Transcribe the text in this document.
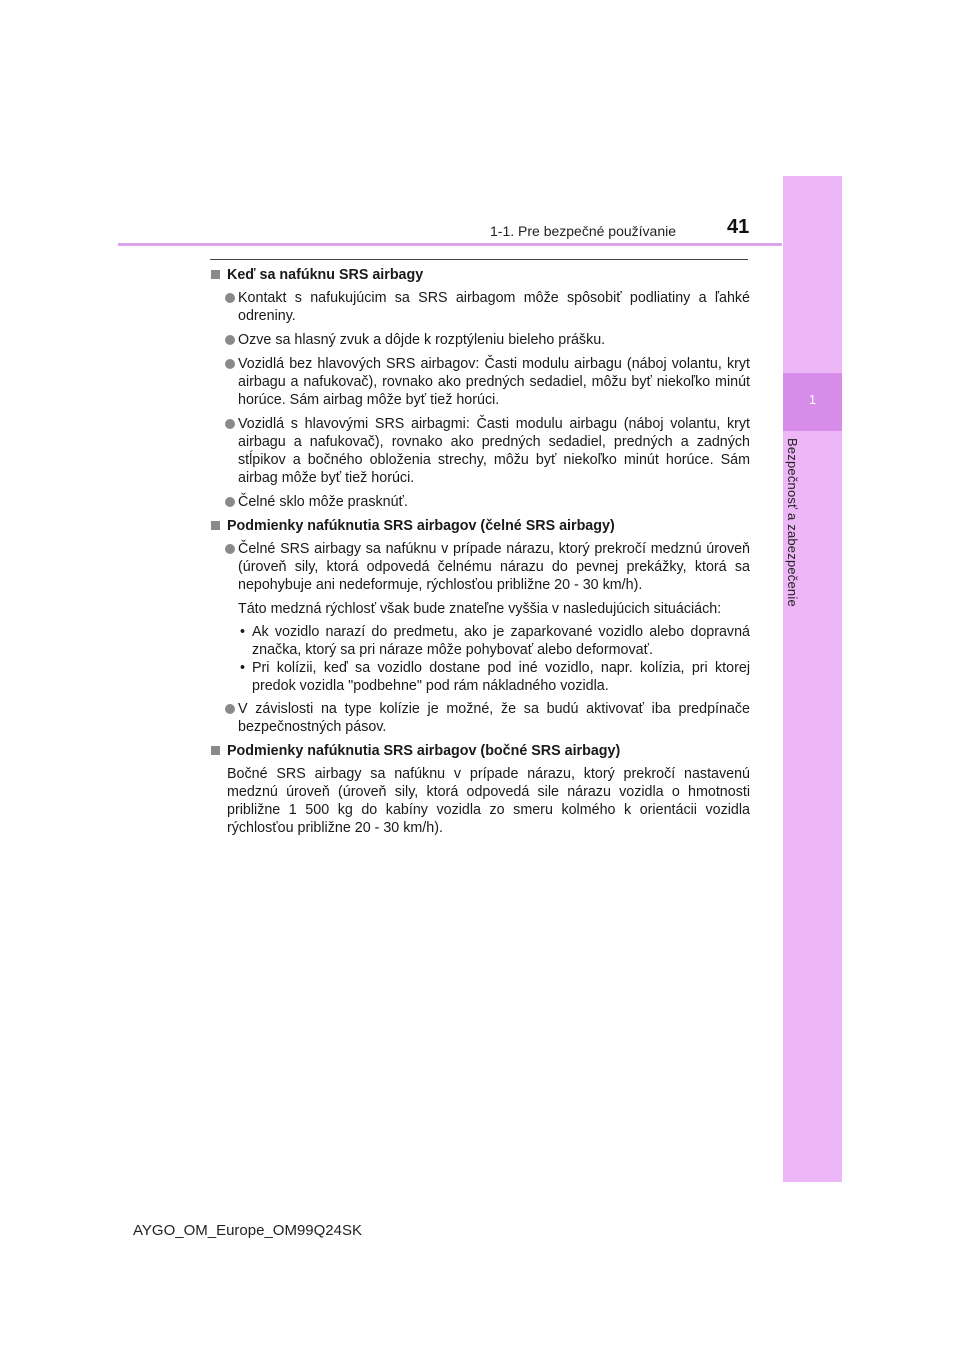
1-1. Pre bezpečné používanie	41
1
Bezpečnosť a zabezpečenie
Keď sa nafúknu SRS airbagy
Kontakt s nafukujúcim sa SRS airbagom môže spôsobiť podliatiny a ľahké odreniny.
Ozve sa hlasný zvuk a dôjde k rozptýleniu bieleho prášku.
Vozidlá bez hlavových SRS airbagov: Časti modulu airbagu (náboj volantu, kryt airbagu a nafukovač), rovnako ako predných sedadiel, môžu byť niekoľko minút horúce. Sám airbag môže byť tiež horúci.
Vozidlá s hlavovými SRS airbagmi: Časti modulu airbagu (náboj volantu, kryt airbagu a nafukovač), rovnako ako predných sedadiel, predných a zadných stĺpikov a bočného obloženia strechy, môžu byť niekoľko minút horúce. Sám airbag môže byť tiež horúci.
Čelné sklo môže prasknúť.
Podmienky nafúknutia SRS airbagov (čelné SRS airbagy)
Čelné SRS airbagy sa nafúknu v prípade nárazu, ktorý prekročí medznú úroveň (úroveň sily, ktorá odpovedá čelnému nárazu do pevnej prekážky, ktorá sa nepohybuje ani nedeformuje, rýchlosťou približne 20 - 30 km/h).
Táto medzná rýchlosť však bude znateľne vyššia v nasledujúcich situáciách:
• Ak vozidlo narazí do predmetu, ako je zaparkované vozidlo alebo dopravná značka, ktorý sa pri náraze môže pohybovať alebo deformovať.
• Pri kolízii, keď sa vozidlo dostane pod iné vozidlo, napr. kolízia, pri ktorej predok vozidla "podbehne" pod rám nákladného vozidla.
V závislosti na type kolízie je možné, že sa budú aktivovať iba predpínače bezpečnostných pásov.
Podmienky nafúknutia SRS airbagov (bočné SRS airbagy)
Bočné SRS airbagy sa nafúknu v prípade nárazu, ktorý prekročí nastavenú medznú úroveň (úroveň sily, ktorá odpovedá sile nárazu vozidla o hmotnosti približne 1 500 kg do kabíny vozidla zo smeru kolmého k orientácii vozidla rýchlosťou približne 20 - 30 km/h).
AYGO_OM_Europe_OM99Q24SK
